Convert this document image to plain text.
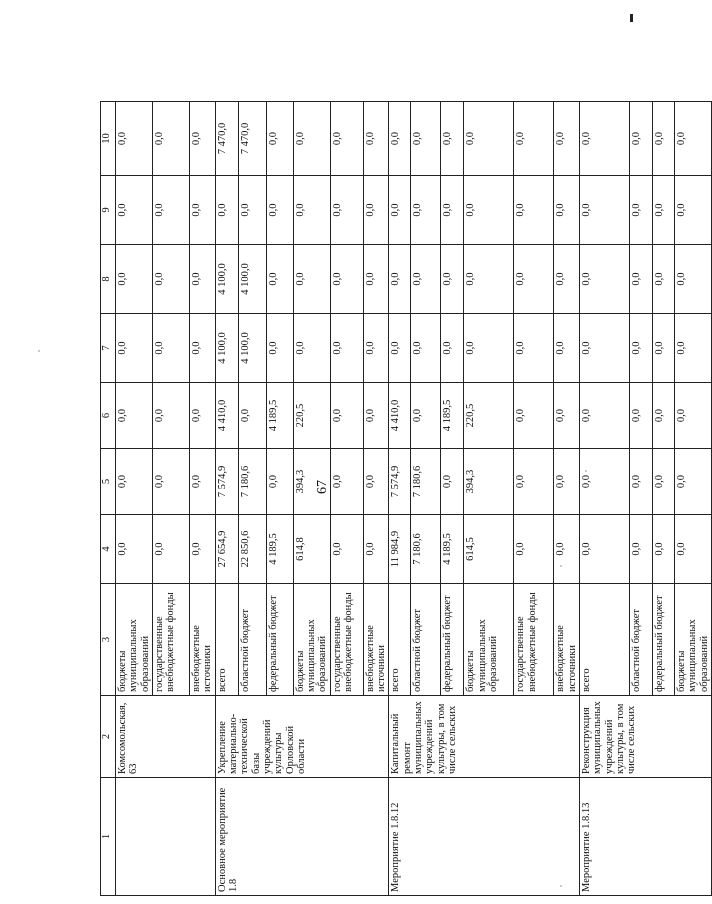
67
1	2	3	4	5	6	7	8	9	10
	Комсомольская, 63	бюджеты муниципальных образований	0,0	0,0	0,0	0,0	0,0	0,0	0,0
		государственные внебюджетные фонды	0,0	0,0	0,0	0,0	0,0	0,0	0,0
		внебюджетные источники	0,0	0,0	0,0	0,0	0,0	0,0	0,0
Основное мероприятие 1.8	Укрепление материально-технической базы учреждений культуры Орловской области	всего	27 654,9	7 574,9	4 410,0	4 100,0	4 100,0	0,0	7 470,0
		областной бюджет	22 850,6	7 180,6	0,0	4 100,0	4 100,0	0,0	7 470,0
		федеральный бюджет	4 189,5	0,0	4 189,5	0,0	0,0	0,0	0,0
		бюджеты муниципальных образований	614,8	394,3	220,5	0,0	0,0	0,0	0,0
		государственные внебюджетные фонды	0,0	0,0	0,0	0,0	0,0	0,0	0,0
		внебюджетные источники	0,0	0,0	0,0	0,0	0,0	0,0	0,0
Мероприятие 1.8.12	Капитальный ремонт муниципальных учреждений культуры, в том числе сельских	всего	11 984,9	7 574,9	4 410,0	0,0	0,0	0,0	0,0
		областной бюджет	7 180,6	7 180,6	0,0	0,0	0,0	0,0	0,0
		федеральный бюджет	4 189,5	0,0	4 189,5	0,0	0,0	0,0	0,0
		бюджеты муниципальных образований	614,5	394,3	220,5	0,0	0,0	0,0	0,0
		государственные внебюджетные фонды	0,0	0,0	0,0	0,0	0,0	0,0	0,0
		внебюджетные источники	0,0	0,0	0,0	0,0	0,0	0,0	0,0
Мероприятие 1.8.13	Реконструкция муниципальных учреждений культуры, в том числе сельских	всего	0,0	0,0	0,0	0,0	0,0	0,0	0,0
		областной бюджет	0,0	0,0	0,0	0,0	0,0	0,0	0,0
		федеральный бюджет	0,0	0,0	0,0	0,0	0,0	0,0	0,0
		бюджеты муниципальных образований	0,0	0,0	0,0	0,0	0,0	0,0	0,0
